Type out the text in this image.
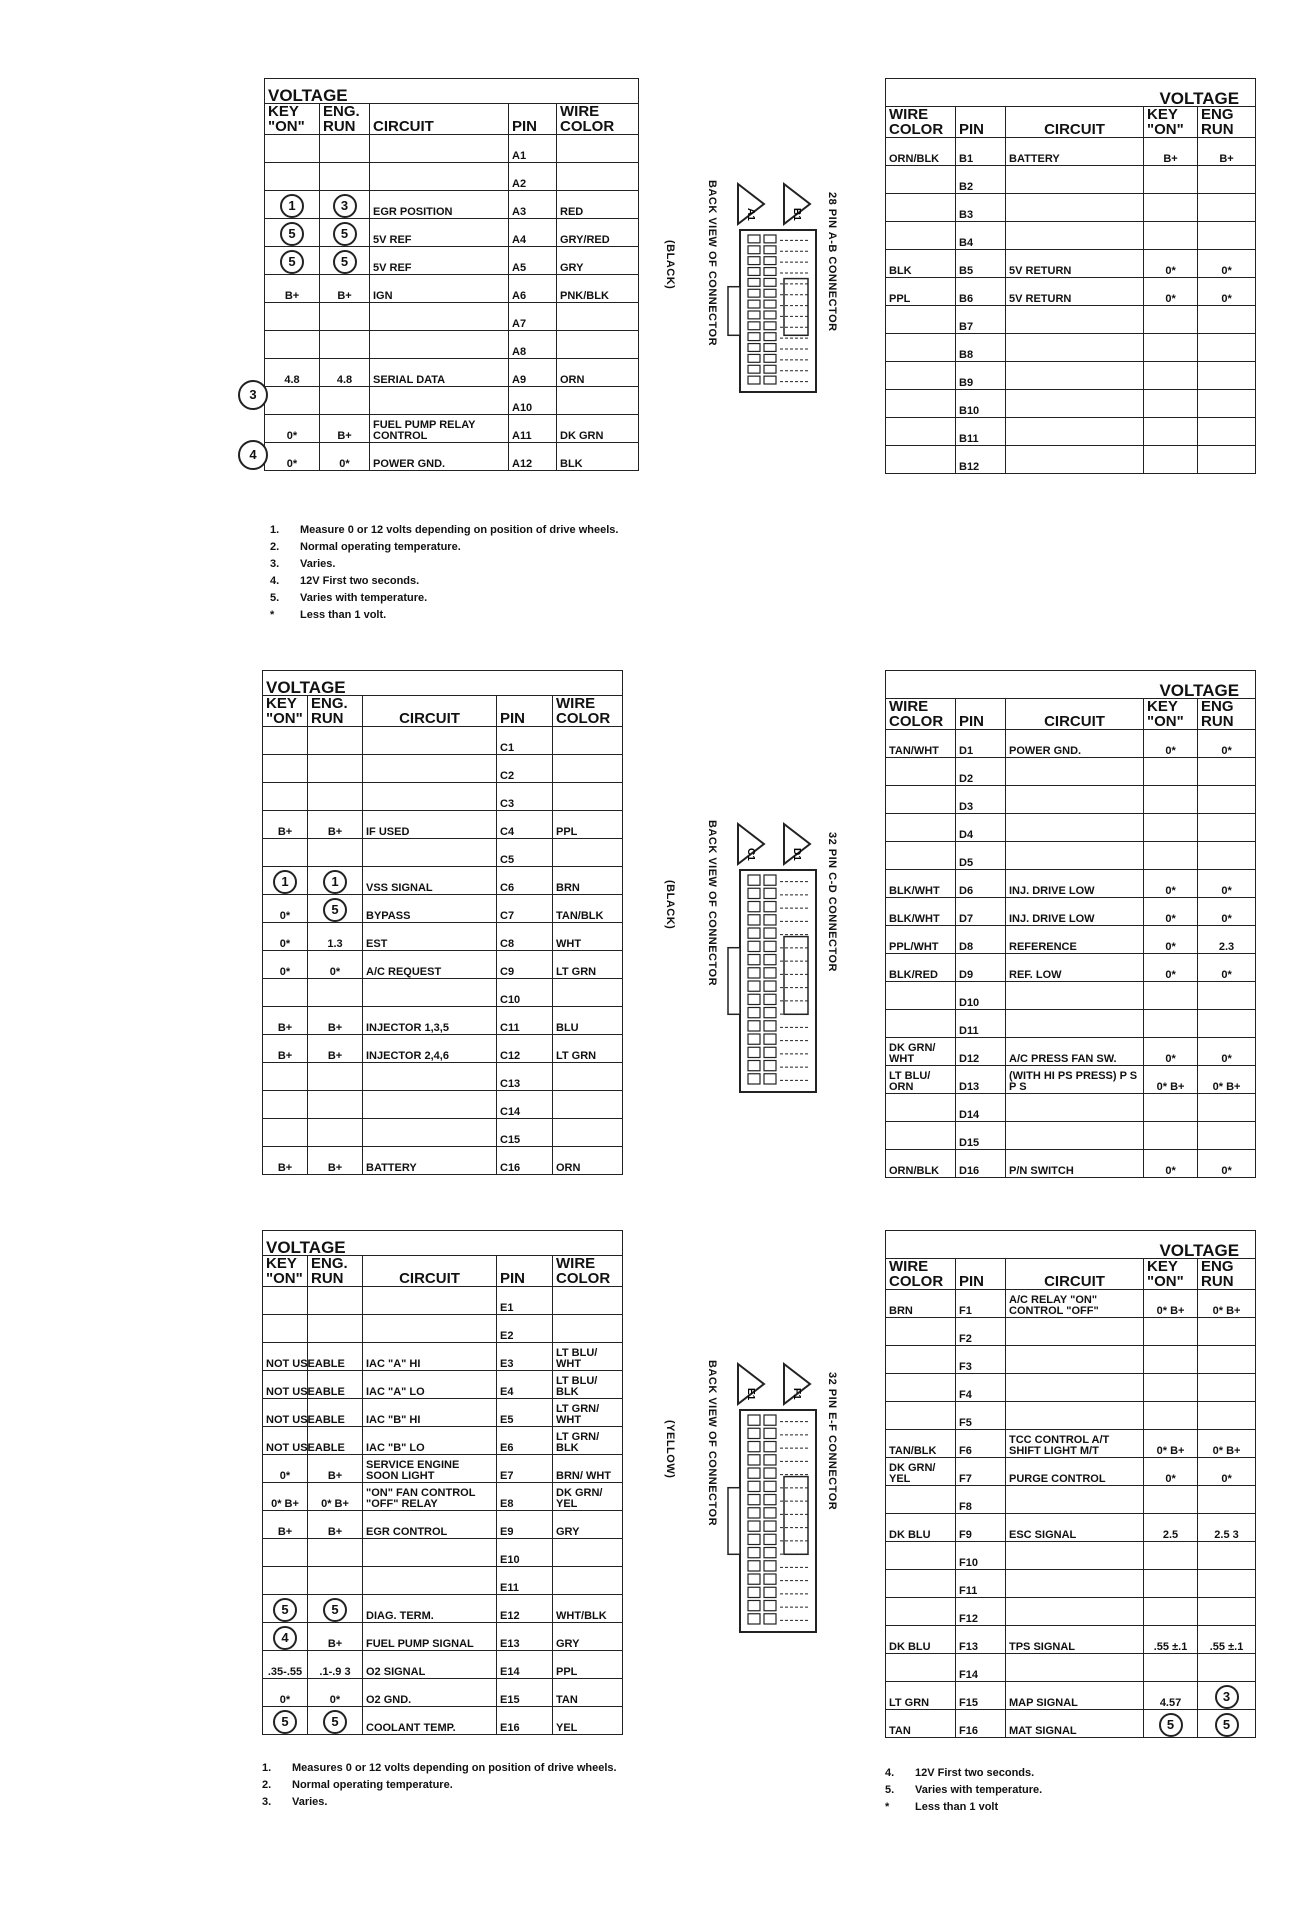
VOLTAGE				
KEY "ON"	ENG. RUN	CIRCUIT	PIN	WIRE COLOR
			A1	
			A2	
1	3	EGR POSITION	A3	RED
5	5	5V REF	A4	GRY/RED
5	5	5V REF	A5	GRY
B+	B+	IGN	A6	PNK/BLK
			A7	
			A8	
4.8	4.8	SERIAL DATA	A9	ORN
			A10	
0*	B+	FUEL PUMP RELAY CONTROL	A11	DK GRN
0*	0*	POWER GND.	A12	BLK
3
4
			VOLTAGE	
WIRE COLOR	PIN	CIRCUIT	KEY "ON"	ENG RUN
ORN/BLK	B1	BATTERY	B+	B+
	B2			
	B3			
	B4			
BLK	B5	5V RETURN	0*	0*
PPL	B6	5V RETURN	0*	0*
	B7			
	B8			
	B9			
	B10			
	B11			
	B12			
1.	Measure 0 or 12 volts depending on position of drive wheels.
2.	Normal operating temperature.
3.	Varies.
4.	12V First two seconds.
5.	Varies with temperature.
*	Less than 1 volt.
VOLTAGE				
KEY "ON"	ENG. RUN	CIRCUIT	PIN	WIRE COLOR
			C1	
			C2	
			C3	
B+	B+	IF USED	C4	PPL
			C5	
1	1	VSS SIGNAL	C6	BRN
0*	5	BYPASS	C7	TAN/BLK
0*	1.3	EST	C8	WHT
0*	0*	A/C REQUEST	C9	LT GRN
			C10	
B+	B+	INJECTOR 1,3,5	C11	BLU
B+	B+	INJECTOR 2,4,6	C12	LT GRN
			C13	
			C14	
			C15	
B+	B+	BATTERY	C16	ORN
			VOLTAGE	
WIRE COLOR	PIN	CIRCUIT	KEY "ON"	ENG RUN
TAN/WHT	D1	POWER GND.	0*	0*
	D2			
	D3			
	D4			
	D5			
BLK/WHT	D6	INJ. DRIVE LOW	0*	0*
BLK/WHT	D7	INJ. DRIVE LOW	0*	0*
PPL/WHT	D8	REFERENCE	0*	2.3
BLK/RED	D9	REF. LOW	0*	0*
	D10			
	D11			
DK GRN/ WHT	D12	A/C PRESS FAN SW.	0*	0*
LT BLU/ ORN	D13	(WITH HI PS PRESS) P S P S	0* B+	0* B+
	D14			
	D15			
ORN/BLK	D16	P/N SWITCH	0*	0*
VOLTAGE				
KEY "ON"	ENG. RUN	CIRCUIT	PIN	WIRE COLOR
			E1	
			E2	
NOT USEABLE		IAC "A" HI	E3	LT BLU/ WHT
NOT USEABLE		IAC "A" LO	E4	LT BLU/ BLK
NOT USEABLE		IAC "B" HI	E5	LT GRN/ WHT
NOT USEABLE		IAC "B" LO	E6	LT GRN/ BLK
0*	B+	SERVICE ENGINE SOON LIGHT	E7	BRN/ WHT
0* B+	0* B+	"ON" FAN CONTROL "OFF" RELAY	E8	DK GRN/ YEL
B+	B+	EGR CONTROL	E9	GRY
			E10	
			E11	
5	5	DIAG. TERM.	E12	WHT/BLK
4	B+	FUEL PUMP SIGNAL	E13	GRY
.35-.55	.1-.9 3	O2 SIGNAL	E14	PPL
0*	0*	O2 GND.	E15	TAN
5	5	COOLANT TEMP.	E16	YEL
			VOLTAGE	
WIRE COLOR	PIN	CIRCUIT	KEY "ON"	ENG RUN
BRN	F1	A/C RELAY "ON" CONTROL "OFF"	0* B+	0* B+
	F2			
	F3			
	F4			
	F5			
TAN/BLK	F6	TCC CONTROL A/T SHIFT LIGHT M/T	0* B+	0* B+
DK GRN/ YEL	F7	PURGE CONTROL	0*	0*
	F8			
DK BLU	F9	ESC SIGNAL	2.5	2.5 3
	F10			
	F11			
	F12			
DK BLU	F13	TPS SIGNAL	.55 ±.1	.55 ±.1
	F14			
LT GRN	F15	MAP SIGNAL	4.57	3
TAN	F16	MAT SIGNAL	5	5
1.	Measures 0 or 12 volts depending on position of drive wheels.
2.	Normal operating temperature.
3.	Varies.
4.	12V First two seconds.
5.	Varies with temperature.
*	Less than 1 volt
A1	B1 28 PIN A-B CONNECTOR
BACK VIEW OF CONNECTOR
(BLACK)
C1	D1 32 PIN C-D CONNECTOR
BACK VIEW OF CONNECTOR
(BLACK)
E1	F1 32 PIN E-F CONNECTOR
BACK VIEW OF CONNECTOR
(YELLOW)
